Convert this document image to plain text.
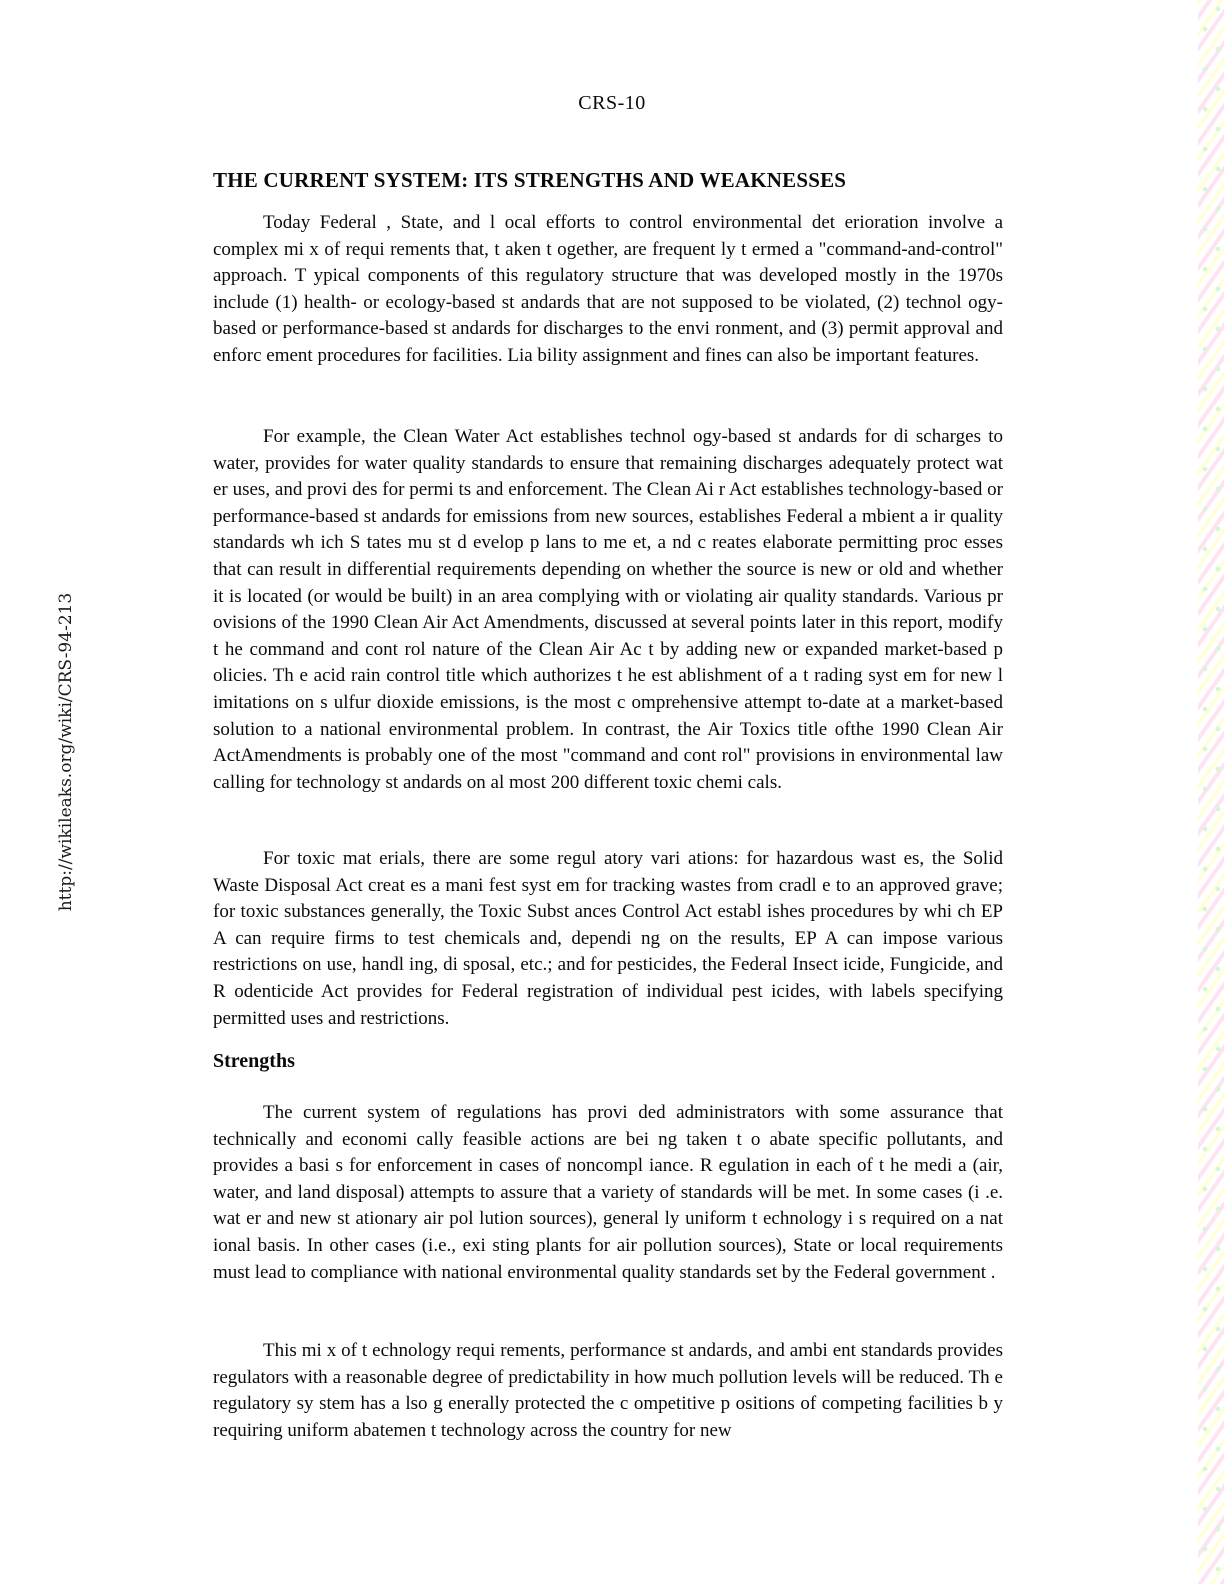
CRS-10
http://wikileaks.org/wiki/CRS-94-213
THE CURRENT SYSTEM: ITS STRENGTHS AND WEAKNESSES
Today Federal , State, and l ocal efforts to control environmental det erioration involve a complex mi x of requi rements that, t aken t ogether, are frequent ly t ermed a "command-and-control" approach. T ypical components of this regulatory structure that was developed mostly in the 1970s include (1) health- or ecology-based st andards that are not supposed to be violated, (2) technol ogy-based or performance-based st andards for discharges to the envi ronment, and (3) permit approval and enforc ement procedures for facilities. Lia bility assignment and fines can also be important features.
For example, the Clean Water Act establishes technol ogy-based st andards for di scharges to water, provides for water quality standards to ensure that remaining discharges adequately protect wat er uses, and provi des for permi ts and enforcement. The Clean Ai r Act establishes technology-based or performance-based st andards for emissions from new sources, establishes Federal a mbient a ir quality standards wh ich S tates mu st d evelop p lans to me et, a nd c reates elaborate permitting proc esses that can result in differential requirements depending on whether the source is new or old and whether it is located (or would be built) in an area complying with or violating air quality standards. Various pr ovisions of the 1990 Clean Air Act Amendments, discussed at several points later in this report, modify t he command and cont rol nature of the Clean Air Ac t by adding new or expanded market-based p olicies. Th e acid rain control title which authorizes t he est ablishment of a t rading syst em for new l imitations on s ulfur dioxide emissions, is the most c omprehensive attempt to-date at a market-based solution to a national environmental problem. In contrast, the Air Toxics title ofthe 1990 Clean Air ActAmendments is probably one of the most "command and cont rol" provisions in environmental law calling for technology st andards on al most 200 different toxic chemi cals.
For toxic mat erials, there are some regul atory vari ations: for hazardous wast es, the Solid Waste Disposal Act creat es a mani fest syst em for tracking wastes from cradl e to an approved grave; for toxic substances generally, the Toxic Subst ances Control Act establ ishes procedures by whi ch EP A can require firms to test chemicals and, dependi ng on the results, EP A can impose various restrictions on use, handl ing, di sposal, etc.; and for pesticides, the Federal Insect icide, Fungicide, and R odenticide Act provides for Federal registration of individual pest icides, with labels specifying permitted uses and restrictions.
Strengths
The current system of regulations has provi ded administrators with some assurance that technically and economi cally feasible actions are bei ng taken t o abate specific pollutants, and provides a basi s for enforcement in cases of noncompl iance. R egulation in each of t he medi a (air, water, and land disposal) attempts to assure that a variety of standards will be met. In some cases (i .e. wat er and new st ationary air pol lution sources), general ly uniform t echnology i s required on a nat ional basis. In other cases (i.e., exi sting plants for air pollution sources), State or local requirements must lead to compliance with national environmental quality standards set by the Federal government .
This mi x of t echnology requi rements, performance st andards, and ambi ent standards provides regulators with a reasonable degree of predictability in how much pollution levels will be reduced. Th e regulatory sy stem has a lso g enerally protected the c ompetitive p ositions of competing facilities b y requiring uniform abatemen t technology across the country for new
